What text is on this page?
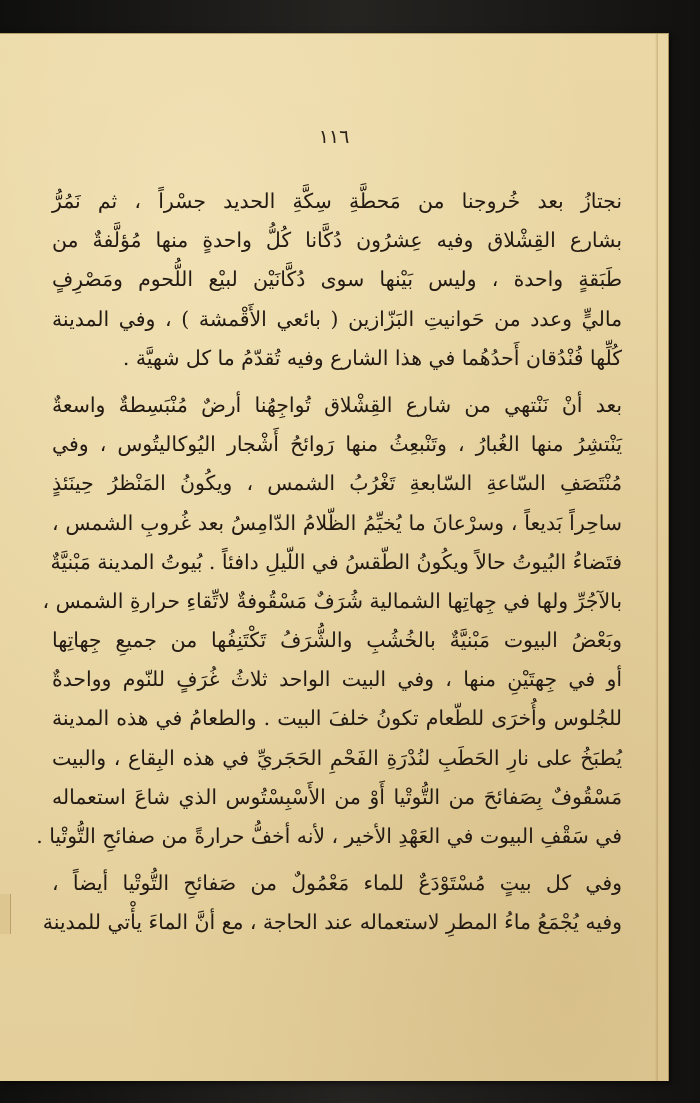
١١٦
نجتازُ بعد خُروجنا من مَحطَّةِ سِكَّةِ الحديد جسْراً ، ثم نَمُرُّ
بشارع القِشْلاق وفيه عِشرُون دُكَّانا كُلُّ واحدةٍ منها مُؤلَّفةٌ من
طَبَقةٍ واحدة ، وليس بَيْنها سوى دُكَّانَيْن لبيْع اللُّحوم ومَصْرِفٍ
ماليٍّ وعدد من حَوانيتِ البَزّازين ( بائعي الأَقْمشة ) ، وفي المدينة
كُلِّها فُنْدُقان أَحدُهُما في هذا الشارع وفيه تُقدّمُ ما كل شهيَّة .
بعد أنْ نَنْتهي من شارع القِشْلاق تُواجِهُنا أرضٌ مُنْبَسِطةٌ واسعةٌ
يَنْتشِرُ منها الغُبارُ ، وتَنْبعِثُ منها رَوائحُ أَشْجار اليُوكاليتُوس ، وفي
مُنْتَصَفِ السّاعةِ السّابعةِ تَغْرُبُ الشمس ، ويكُونُ المَنْظرُ حِينَئذٍ
ساحِراً بَديعاً ، وسرْعانَ ما يُخيِّمُ الظّلامُ الدّامِسُ بعد غُروبِ الشمس ،
فتَضاءُ البُيوتُ حالاً ويكُونُ الطّقسُ في اللّيلِ دافئاً . بُيوتُ المدينة مَبْنيَّةٌ
بالآجُرِّ ولها في جِهاتِها الشمالية شُرَفٌ مَسْقُوفةٌ لاتِّقاءِ حرارةِ الشمس ،
وبَعْضُ البيوت مَبْنيَّةٌ بالخُشُبِ والشُّرَفُ تَكْتَنِفُها من جميعِ جِهاتِها
أو في جِهتَيْنِ منها ، وفي البيت الواحد ثلاثُ غُرَفٍ للنّوم وواحدةٌ
للجُلوس وأُخرَى للطّعام تكونُ خلفَ البيت . والطعامُ في هذه المدينة
يُطبَخُ على نارِ الحَطَبِ لنُدْرَةِ الفَحْمِ الحَجَريِّ في هذه البِقاع ، والبيت
مَسْقُوفٌ بِصَفائحَ من التُّوتْيا أَوْ من الأَسْبِسْتُوس الذي شاعَ استعماله
في سَقْفِ البيوت في العَهْدِ الأخير ، لأنه أخفُّ حرارةً من صفائحِ التُّوتْيا .
وفي كل بيتٍ مُسْتَوْدَعٌ للماء مَعْمُولٌ من صَفائحِ التُّوتْيا أيضاً ،
وفيه يُجْمَعُ ماءُ المطرِ لاستعماله عند الحاجة ، مع أنَّ الماءَ يأْتي للمدينة
